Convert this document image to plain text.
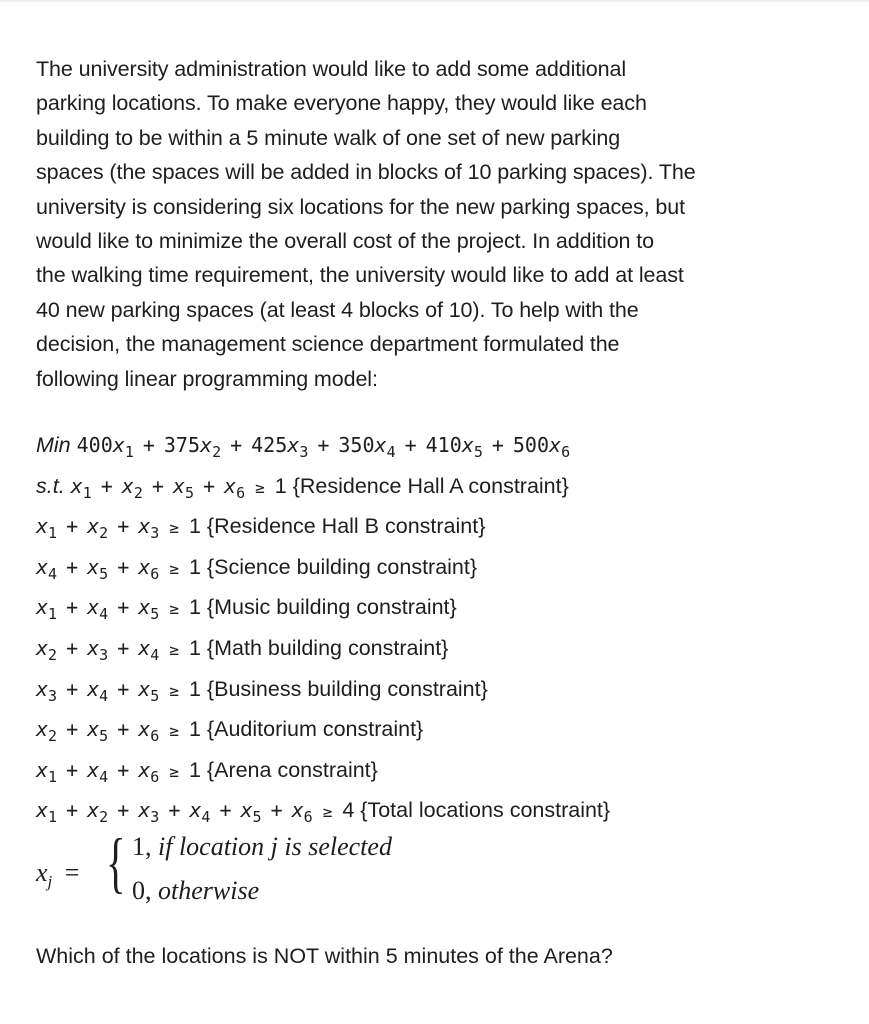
The university administration would like to add some additional
parking locations. To make everyone happy, they would like each
building to be within a 5 minute walk of one set of new parking
spaces (the spaces will be added in blocks of 10 parking spaces). The
university is considering six locations for the new parking spaces, but
would like to minimize the overall cost of the project. In addition to
the walking time requirement, the university would like to add at least
40 new parking spaces (at least 4 blocks of 10). To help with the
decision, the management science department formulated the
following linear programming model:
Min $400x_1 + 375x_2 + 425x_3 + 350x_4 + 410x_5 + 500x_6$
s.t. $x_1 + x_2 + x_5 + x_6 \ge 1$ {Residence Hall A constraint}
$x_1 + x_2 + x_3 \ge 1$ {Residence Hall B constraint}
$x_4 + x_5 + x_6 \ge 1$ {Science building constraint}
$x_1 + x_4 + x_5 \ge 1$ {Music building constraint}
$x_2 + x_3 + x_4 \ge 1$ {Math building constraint}
$x_3 + x_4 + x_5 \ge 1$ {Business building constraint}
$x_2 + x_5 + x_6 \ge 1$ {Auditorium constraint}
$x_1 + x_4 + x_6 \ge 1$ {Arena constraint}
$x_1 + x_2 + x_3 + x_4 + x_5 + x_6 \ge 4$ {Total locations constraint}
$x_j$ = { 1, if location j is selected
0, otherwise
Which of the locations is NOT within 5 minutes of the Arena?
